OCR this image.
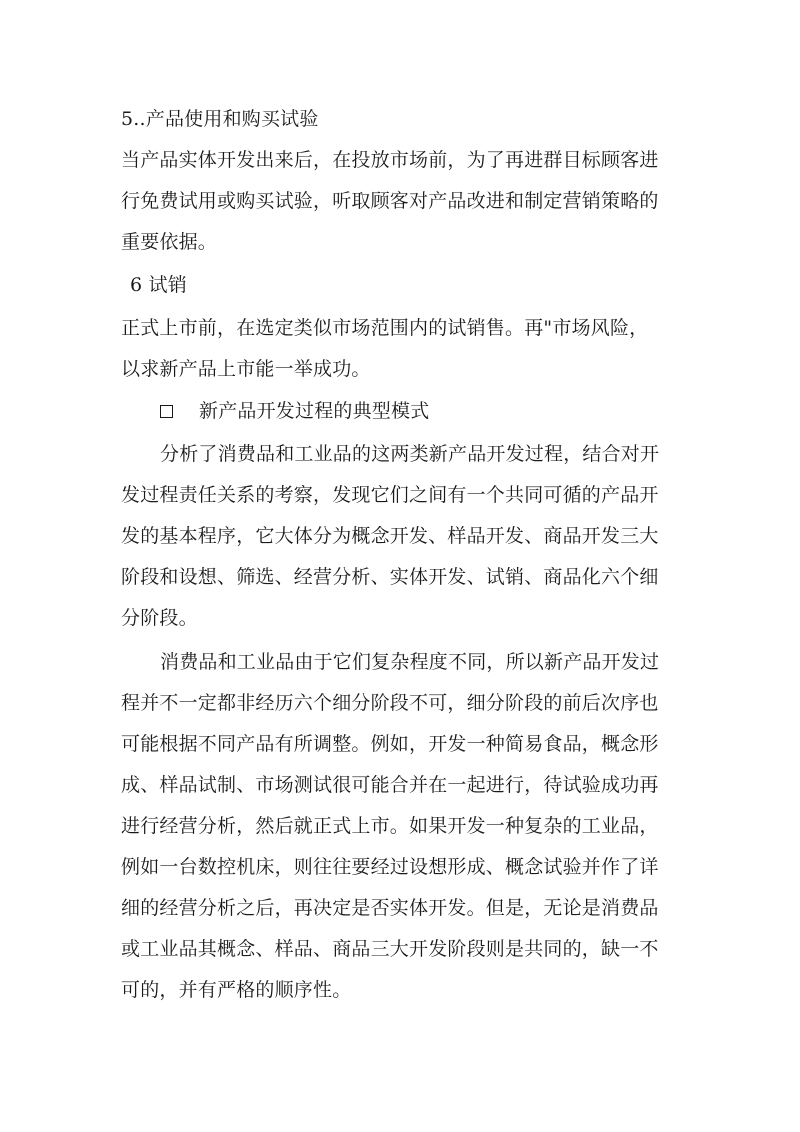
5..产品使用和购买试验
当产品实体开发出来后，在投放市场前，为了再进群目标顾客进
行免费试用或购买试验，听取顾客对产品改进和制定营销策略的
重要依据。
6 试销
正式上市前，在选定类似市场范围内的试销售。再"市场风险，
以求新产品上市能一举成功。
新产品开发过程的典型模式
分析了消费品和工业品的这两类新产品开发过程，结合对开
发过程责任关系的考察，发现它们之间有一个共同可循的产品开
发的基本程序，它大体分为概念开发、样品开发、商品开发三大
阶段和设想、筛选、经营分析、实体开发、试销、商品化六个细
分阶段。
消费品和工业品由于它们复杂程度不同，所以新产品开发过
程并不一定都非经历六个细分阶段不可，细分阶段的前后次序也
可能根据不同产品有所调整。例如，开发一种简易食品，概念形
成、样品试制、市场测试很可能合并在一起进行，待试验成功再
进行经营分析，然后就正式上市。如果开发一种复杂的工业品，
例如一台数控机床，则往往要经过设想形成、概念试验并作了详
细的经营分析之后，再决定是否实体开发。但是，无论是消费品
或工业品其概念、样品、商品三大开发阶段则是共同的，缺一不
可的，并有严格的顺序性。
